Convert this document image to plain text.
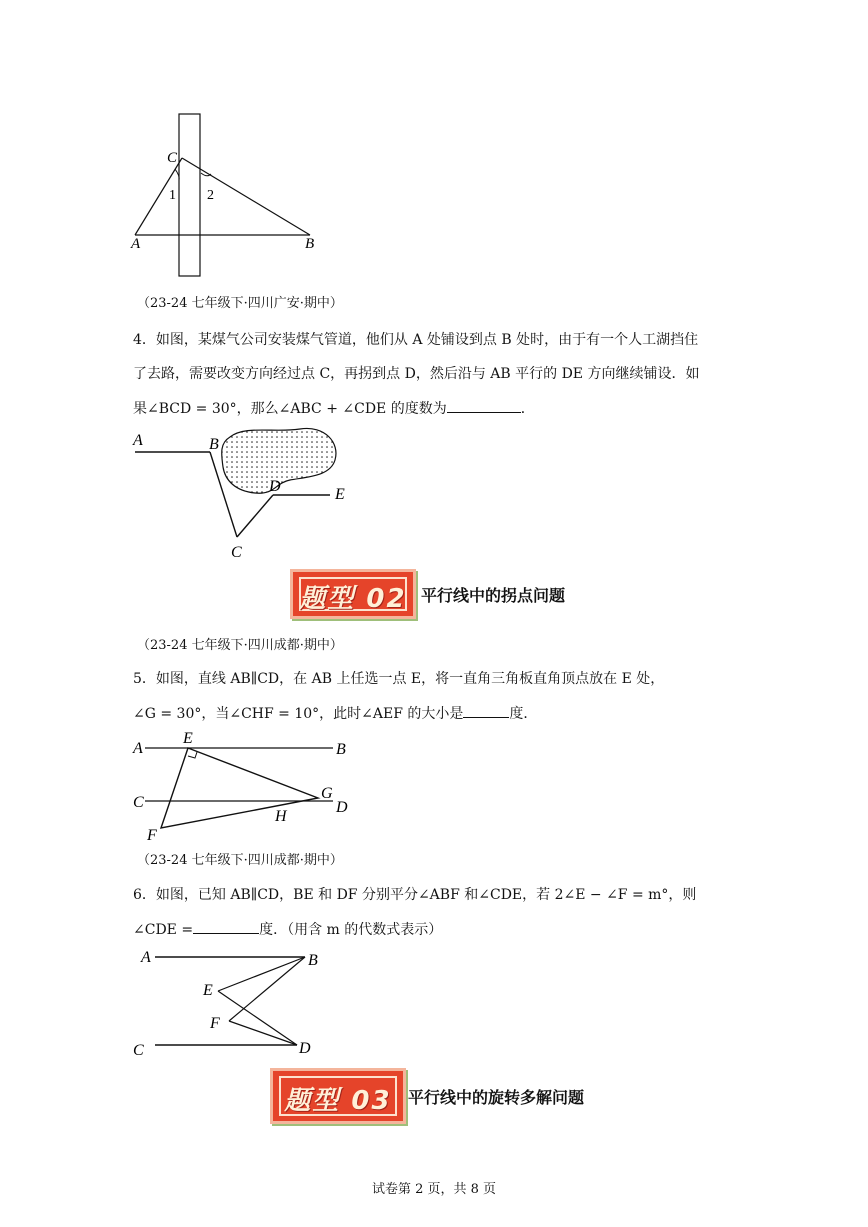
C
1 2
A	B
（23-24 七年级下·四川广安·期中）
4．如图，某煤气公司安装煤气管道，他们从 A 处铺设到点 B 处时，由于有一个人工湖挡住
了去路，需要改变方向经过点 C，再拐到点 D，然后沿与 AB 平行的 DE 方向继续铺设．如
果∠BCD = 30°，那么∠ABC + ∠CDE 的度数为	．
A	B
C
D	E
题型 02 平行线中的拐点问题
（23-24 七年级下·四川成都·期中）
5．如图，直线 AB∥CD，在 AB 上任选一点 E，将一直角三角板直角顶点放在 E 处，
∠G = 30°，当∠CHF = 10°，此时∠AEF 的大小是	度．
A
E
B
C
G
D
H
F
（23-24 七年级下·四川成都·期中）
6．如图，已知 AB∥CD，BE 和 DF 分别平分∠ABF 和∠CDE，若 2∠E − ∠F = m°，则
∠CDE =	度．（用含 m 的代数式表示）
A	B
E
F
C	D
题型 03	平行线中的旋转多解问题
试卷第 2 页，共 8 页
